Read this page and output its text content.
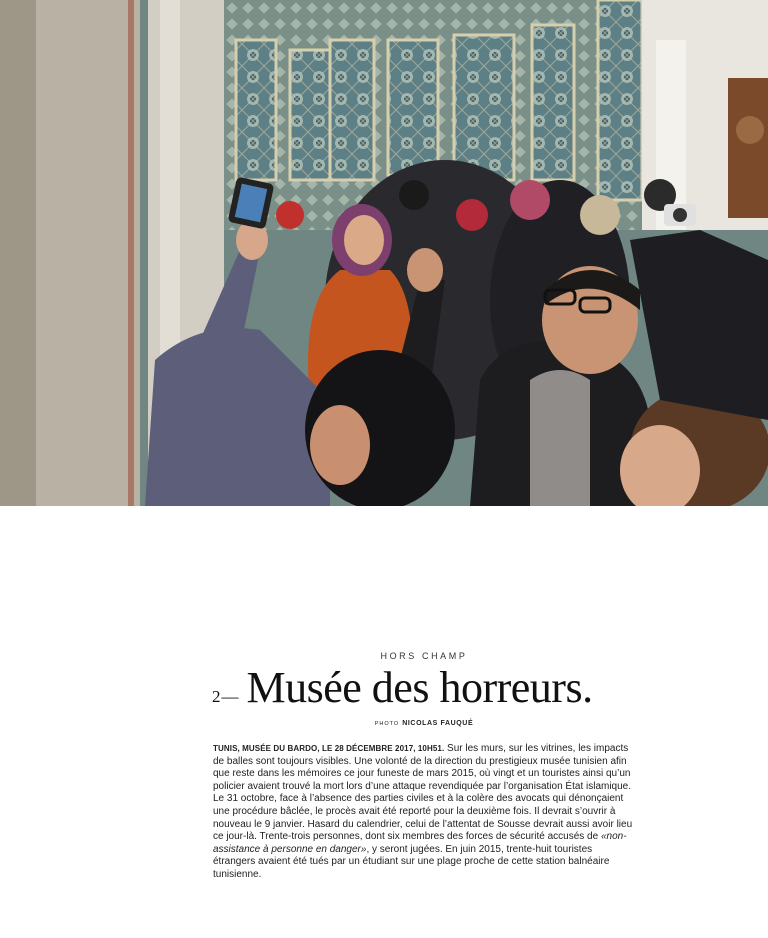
HORS CHAMP
2— Musée des horreurs.
PHOTO NICOLAS FAUQUÉ
TUNIS, MUSÉE DU BARDO, LE 28 DÉCEMBRE 2017, 10H51. Sur les murs, sur les vitrines, les impacts de balles sont toujours visibles. Une volonté de la direction du prestigieux musée tunisien afin que reste dans les mémoires ce jour funeste de mars 2015, où vingt et un touristes ainsi qu’un policier avaient trouvé la mort lors d’une attaque revendiquée par l’organisation État islamique. Le 31 octobre, face à l’absence des parties civiles et à la colère des avocats qui dénonçaient une procédure bâclée, le procès avait été reporté pour la deuxième fois. Il devrait s’ouvrir à nouveau le 9 janvier. Hasard du calendrier, celui de l’attentat de Sousse devrait aussi avoir lieu ce jour-là. Trente-trois personnes, dont six membres des forces de sécurité accusés de «non-assistance à personne en danger», y seront jugées. En juin 2015, trente-huit touristes étrangers avaient été tués par un étudiant sur une plage proche de cette station balnéaire tunisienne.
